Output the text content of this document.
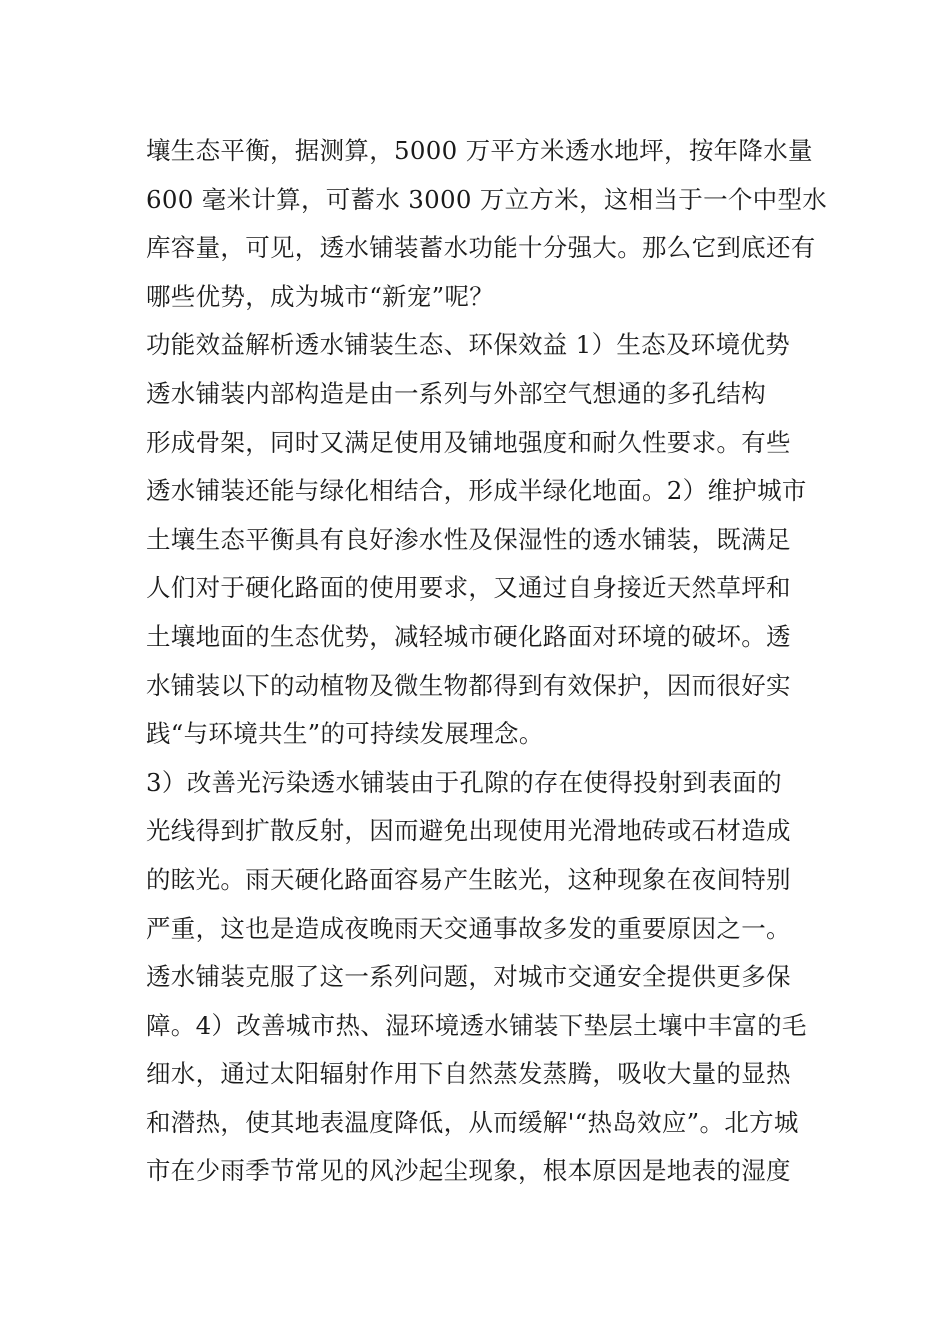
壤生态平衡，据测算，5000 万平方米透水地坪，按年降水量
600 毫米计算，可蓄水 3000 万立方米，这相当于一个中型水
库容量，可见，透水铺装蓄水功能十分强大。那么它到底还有
哪些优势，成为城市“新宠”呢？
功能效益解析透水铺装生态、环保效益 1）生态及环境优势
透水铺装内部构造是由一系列与外部空气想通的多孔结构
形成骨架，同时又满足使用及铺地强度和耐久性要求。有些
透水铺装还能与绿化相结合，形成半绿化地面。2）维护城市
土壤生态平衡具有良好渗水性及保湿性的透水铺装，既满足
人们对于硬化路面的使用要求，又通过自身接近天然草坪和
土壤地面的生态优势，减轻城市硬化路面对环境的破坏。透
水铺装以下的动植物及微生物都得到有效保护，因而很好实
践“与环境共生”的可持续发展理念。
3）改善光污染透水铺装由于孔隙的存在使得投射到表面的
光线得到扩散反射，因而避免出现使用光滑地砖或石材造成
的眩光。雨天硬化路面容易产生眩光，这种现象在夜间特别
严重，这也是造成夜晚雨天交通事故多发的重要原因之一。
透水铺装克服了这一系列问题，对城市交通安全提供更多保
障。4）改善城市热、湿环境透水铺装下垫层土壤中丰富的毛
细水，通过太阳辐射作用下自然蒸发蒸腾，吸收大量的显热
和潜热，使其地表温度降低，从而缓解'“热岛效应”。北方城
市在少雨季节常见的风沙起尘现象，根本原因是地表的湿度
